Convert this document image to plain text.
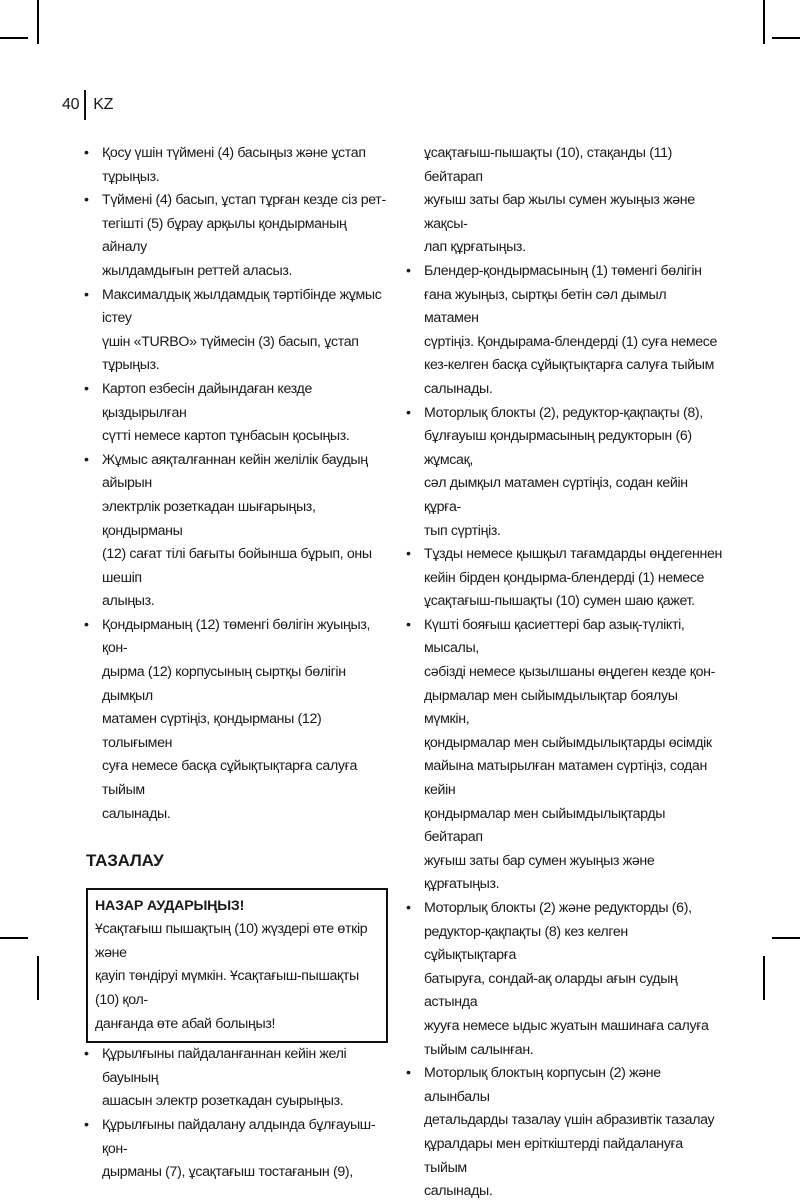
40 KZ
• Қосу үшін түймені (4) басыңыз және ұстап
тұрыңыз.
• Түймені (4) басып, ұстап тұрған кезде сіз рет-
тегішті (5) бұрау арқылы қондырманың айналу
жылдамдығын реттей аласыз.
• Максималдық жылдамдық тәртібінде жұмыс істеу
үшін «TURBO» түймесін (3) басып, ұстап тұрыңыз.
• Картоп езбесін дайындаған кезде қыздырылған
сүтті немесе картоп тұнбасын қосыңыз.
• Жұмыс аяқталғаннан кейін желілік баудың айырын
электрлік розеткадан шығарыңыз, қондырманы
(12) сағат тілі бағыты бойынша бұрып, оны шешіп
алыңыз.
• Қондырманың (12) төменгі бөлігін жуыңыз, қон-
дырма (12) корпусының сыртқы бөлігін дымқыл
матамен сүртіңіз, қондырманы (12) толығымен
суға немесе басқа сұйықтықтарға салуға тыйым
салынады.
ТАЗАЛАУ
НАЗАР АУДАРЫҢЫЗ!
Ұсақтағыш пышақтың (10) жүздері өте өткір және
қауіп төндіруі мүмкін. Ұсақтағыш-пышақты (10) қол-
данғанда өте абай болыңыз!
• Құрылғыны пайдаланғаннан кейін желі бауының
ашасын электр розеткадан суырыңыз.
• Құрылғыны пайдалану алдында бұлғауыш-қон-
дырманы (7), ұсақтағыш тостағанын (9),
ұсақтағыш-пышақты (10), стақанды (11) бейтарап
жуғыш заты бар жылы сумен жуыңыз және жақсы-
лап құрғатыңыз.
• Блендер-қондырмасының (1) төменгі бөлігін
ғана жуыңыз, сыртқы бетін сәл дымыл матамен
сүртіңіз. Қондырама-блендерді (1) суға немесе
кез-келген басқа сұйықтықтарға салуға тыйым
салынады.
• Моторлық блокты (2), редуктор-қақпақты (8),
бұлғауыш қондырмасының редукторын (6) жұмсақ,
сәл дымқыл матамен сүртіңіз, содан кейін құрға-
тып сүртіңіз.
• Тұзды немесе қышқыл тағамдарды өңдегеннен
кейін бірден қондырма-блендерді (1) немесе
ұсақтағыш-пышақты (10) сумен шаю қажет.
• Күшті бояғыш қасиеттері бар азық-түлікті, мысалы,
сәбізді немесе қызылшаны өңдеген кезде қон-
дырмалар мен сыйымдылықтар боялуы мүмкін,
қондырмалар мен сыйымдылықтарды өсімдік
майына матырылған матамен сүртіңіз, содан кейін
қондырмалар мен сыйымдылықтарды бейтарап
жуғыш заты бар сумен жуыңыз және құрғатыңыз.
• Моторлық блокты (2) және редукторды (6),
редуктор-қақпақты (8) кез келген сұйықтықтарға
батыруға, сондай-ақ оларды ағын судың астында
жууға немесе ыдыс жуатын машинаға салуға
тыйым салынған.
• Моторлық блоктың корпусын (2) және алынбалы
детальдарды тазалау үшін абразивтік тазалау
құралдары мен еріткіштерді пайдалануға тыйым
салынады.
